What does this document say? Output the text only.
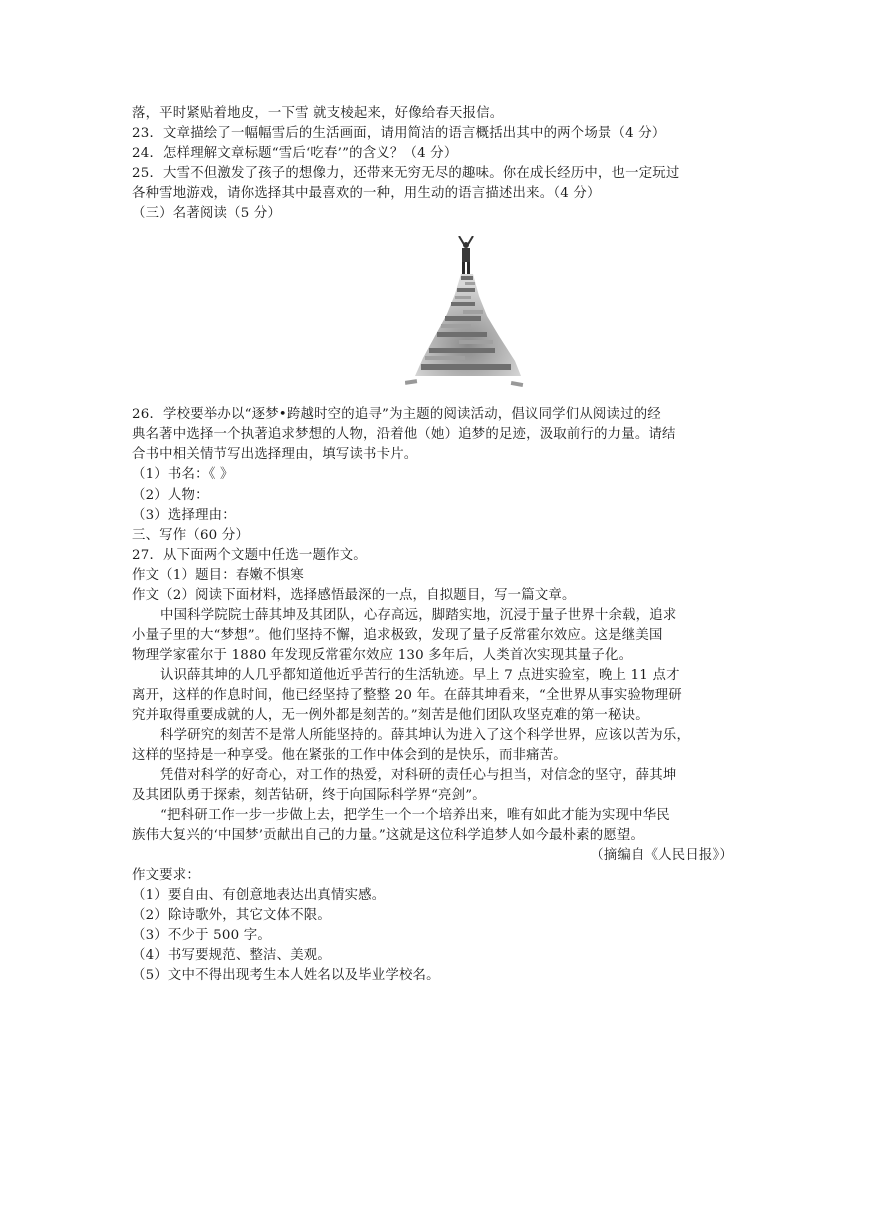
落，平时紧贴着地皮，一下雪 就支棱起来，好像给春天报信。
23．文章描绘了一幅幅雪后的生活画面，请用简洁的语言概括出其中的两个场景（4 分）
24．怎样理解文章标题“雪后‘吃春’”的含义？（4 分）
25．大雪不但激发了孩子的想像力，还带来无穷无尽的趣味。你在成长经历中，也一定玩过
各种雪地游戏，请你选择其中最喜欢的一种，用生动的语言描述出来。（4 分）
（三）名著阅读（5 分）
26．学校要举办以“逐梦•跨越时空的追寻”为主题的阅读活动，倡议同学们从阅读过的经
典名著中选择一个执著追求梦想的人物，沿着他（她）追梦的足迹，汲取前行的力量。请结
合书中相关情节写出选择理由，填写读书卡片。
（1）书名：《 》
（2）人物：
（3）选择理由：
三、写作（60 分）
27．从下面两个文题中任选一题作文。
作文（1）题目：春嫩不惧寒
作文（2）阅读下面材料，选择感悟最深的一点，自拟题目，写一篇文章。
中国科学院院士薛其坤及其团队，心存高远，脚踏实地，沉浸于量子世界十余载，追求
小量子里的大“梦想”。他们坚持不懈，追求极致，发现了量子反常霍尔效应。这是继美国
物理学家霍尔于 1880 年发现反常霍尔效应 130 多年后，人类首次实现其量子化。
认识薛其坤的人几乎都知道他近乎苦行的生活轨迹。早上 7 点进实验室，晚上 11 点才
离开，这样的作息时间，他已经坚持了整整 20 年。在薛其坤看来，“全世界从事实验物理研
究并取得重要成就的人，无一例外都是刻苦的。”刻苦是他们团队攻坚克难的第一秘诀。
科学研究的刻苦不是常人所能坚持的。薛其坤认为进入了这个科学世界，应该以苦为乐，
这样的坚持是一种享受。他在紧张的工作中体会到的是快乐，而非痛苦。
凭借对科学的好奇心，对工作的热爱，对科研的责任心与担当，对信念的坚守，薛其坤
及其团队勇于探索，刻苦钻研，终于向国际科学界“亮剑”。
“把科研工作一步一步做上去，把学生一个一个培养出来，唯有如此才能为实现中华民
族伟大复兴的‘中国梦’贡献出自己的力量。”这就是这位科学追梦人如今最朴素的愿望。
（摘编自《人民日报》）
作文要求：
（1）要自由、有创意地表达出真情实感。
（2）除诗歌外，其它文体不限。
（3）不少于 500 字。
（4）书写要规范、整洁、美观。
（5）文中不得出现考生本人姓名以及毕业学校名。
